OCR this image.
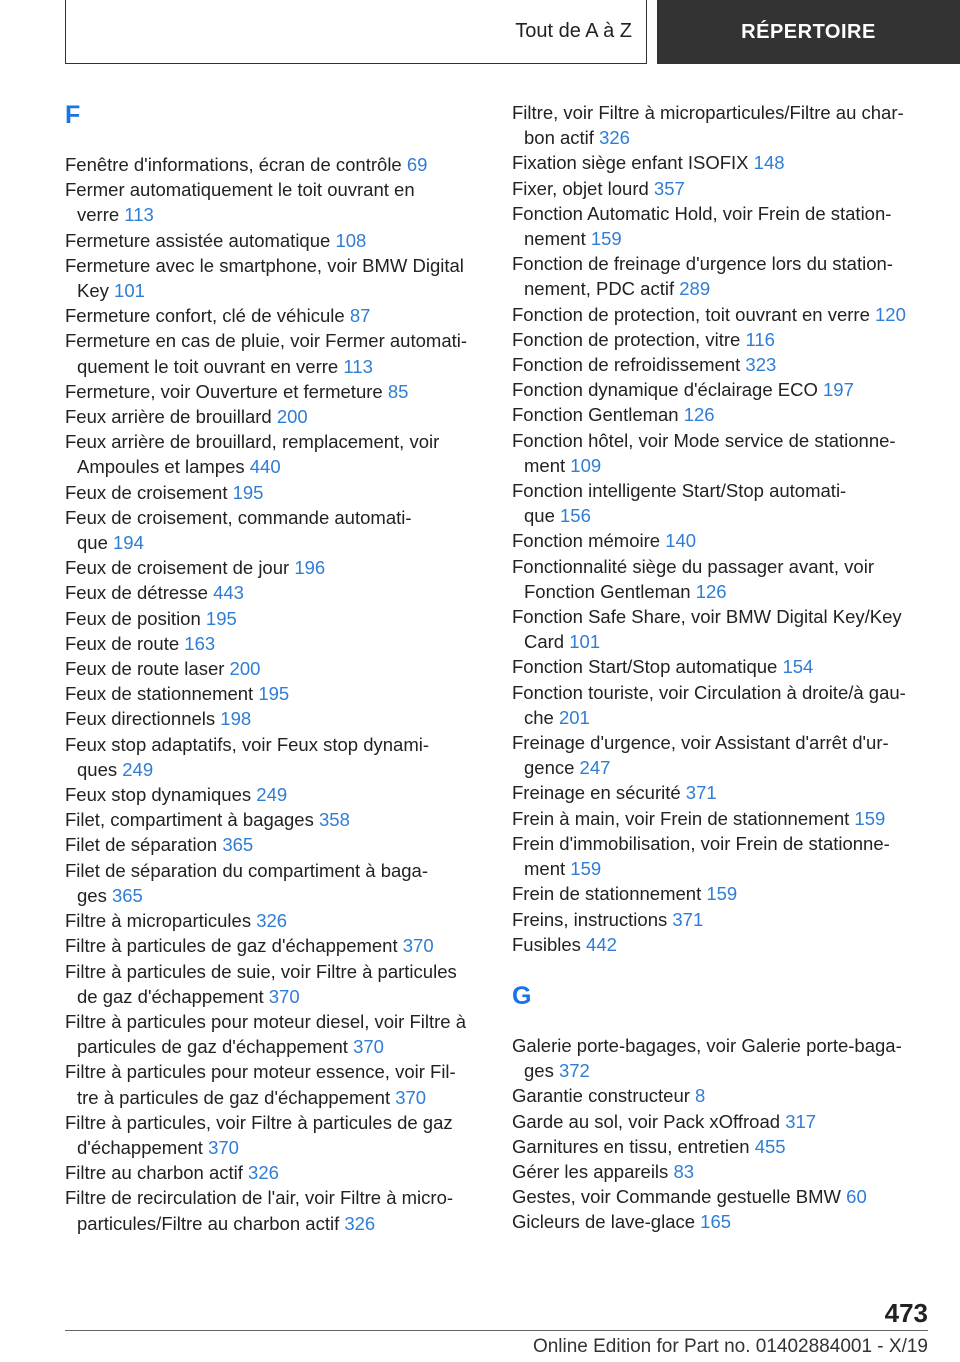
Tout de A à Z	RÉPERTOIRE
F
Fenêtre d'informations, écran de contrôle 69
Fermer automatiquement le toit ouvrant en
verre 113
Fermeture assistée automatique 108
Fermeture avec le smartphone, voir BMW Digital
Key 101
Fermeture confort, clé de véhicule 87
Fermeture en cas de pluie, voir Fermer automati‐
quement le toit ouvrant en verre 113
Fermeture, voir Ouverture et fermeture 85
Feux arrière de brouillard 200
Feux arrière de brouillard, remplacement, voir
Ampoules et lampes 440
Feux de croisement 195
Feux de croisement, commande automati‐
que 194
Feux de croisement de jour 196
Feux de détresse 443
Feux de position 195
Feux de route 163
Feux de route laser 200
Feux de stationnement 195
Feux directionnels 198
Feux stop adaptatifs, voir Feux stop dynami‐
ques 249
Feux stop dynamiques 249
Filet, compartiment à bagages 358
Filet de séparation 365
Filet de séparation du compartiment à baga‐
ges 365
Filtre à microparticules 326
Filtre à particules de gaz d'échappement 370
Filtre à particules de suie, voir Filtre à particules
de gaz d'échappement 370
Filtre à particules pour moteur diesel, voir Filtre à
particules de gaz d'échappement 370
Filtre à particules pour moteur essence, voir Fil‐
tre à particules de gaz d'échappement 370
Filtre à particules, voir Filtre à particules de gaz
d'échappement 370
Filtre au charbon actif 326
Filtre de recirculation de l'air, voir Filtre à micro‐
particules/Filtre au charbon actif 326
Filtre, voir Filtre à microparticules/Filtre au char‐
bon actif 326
Fixation siège enfant ISOFIX 148
Fixer, objet lourd 357
Fonction Automatic Hold, voir Frein de station‐
nement 159
Fonction de freinage d'urgence lors du station‐
nement, PDC actif 289
Fonction de protection, toit ouvrant en verre 120
Fonction de protection, vitre 116
Fonction de refroidissement 323
Fonction dynamique d'éclairage ECO 197
Fonction Gentleman 126
Fonction hôtel, voir Mode service de stationne‐
ment 109
Fonction intelligente Start/Stop automati‐
que 156
Fonction mémoire 140
Fonctionnalité siège du passager avant, voir
Fonction Gentleman 126
Fonction Safe Share, voir BMW Digital Key/Key
Card 101
Fonction Start/Stop automatique 154
Fonction touriste, voir Circulation à droite/à gau‐
che 201
Freinage d'urgence, voir Assistant d'arrêt d'ur‐
gence 247
Freinage en sécurité 371
Frein à main, voir Frein de stationnement 159
Frein d'immobilisation, voir Frein de stationne‐
ment 159
Frein de stationnement 159
Freins, instructions 371
Fusibles 442
G
Galerie porte-bagages, voir Galerie porte-baga‐
ges 372
Garantie constructeur 8
Garde au sol, voir Pack xOffroad 317
Garnitures en tissu, entretien 455
Gérer les appareils 83
Gestes, voir Commande gestuelle BMW 60
Gicleurs de lave-glace 165
473
Online Edition for Part no. 01402884001 - X/19
